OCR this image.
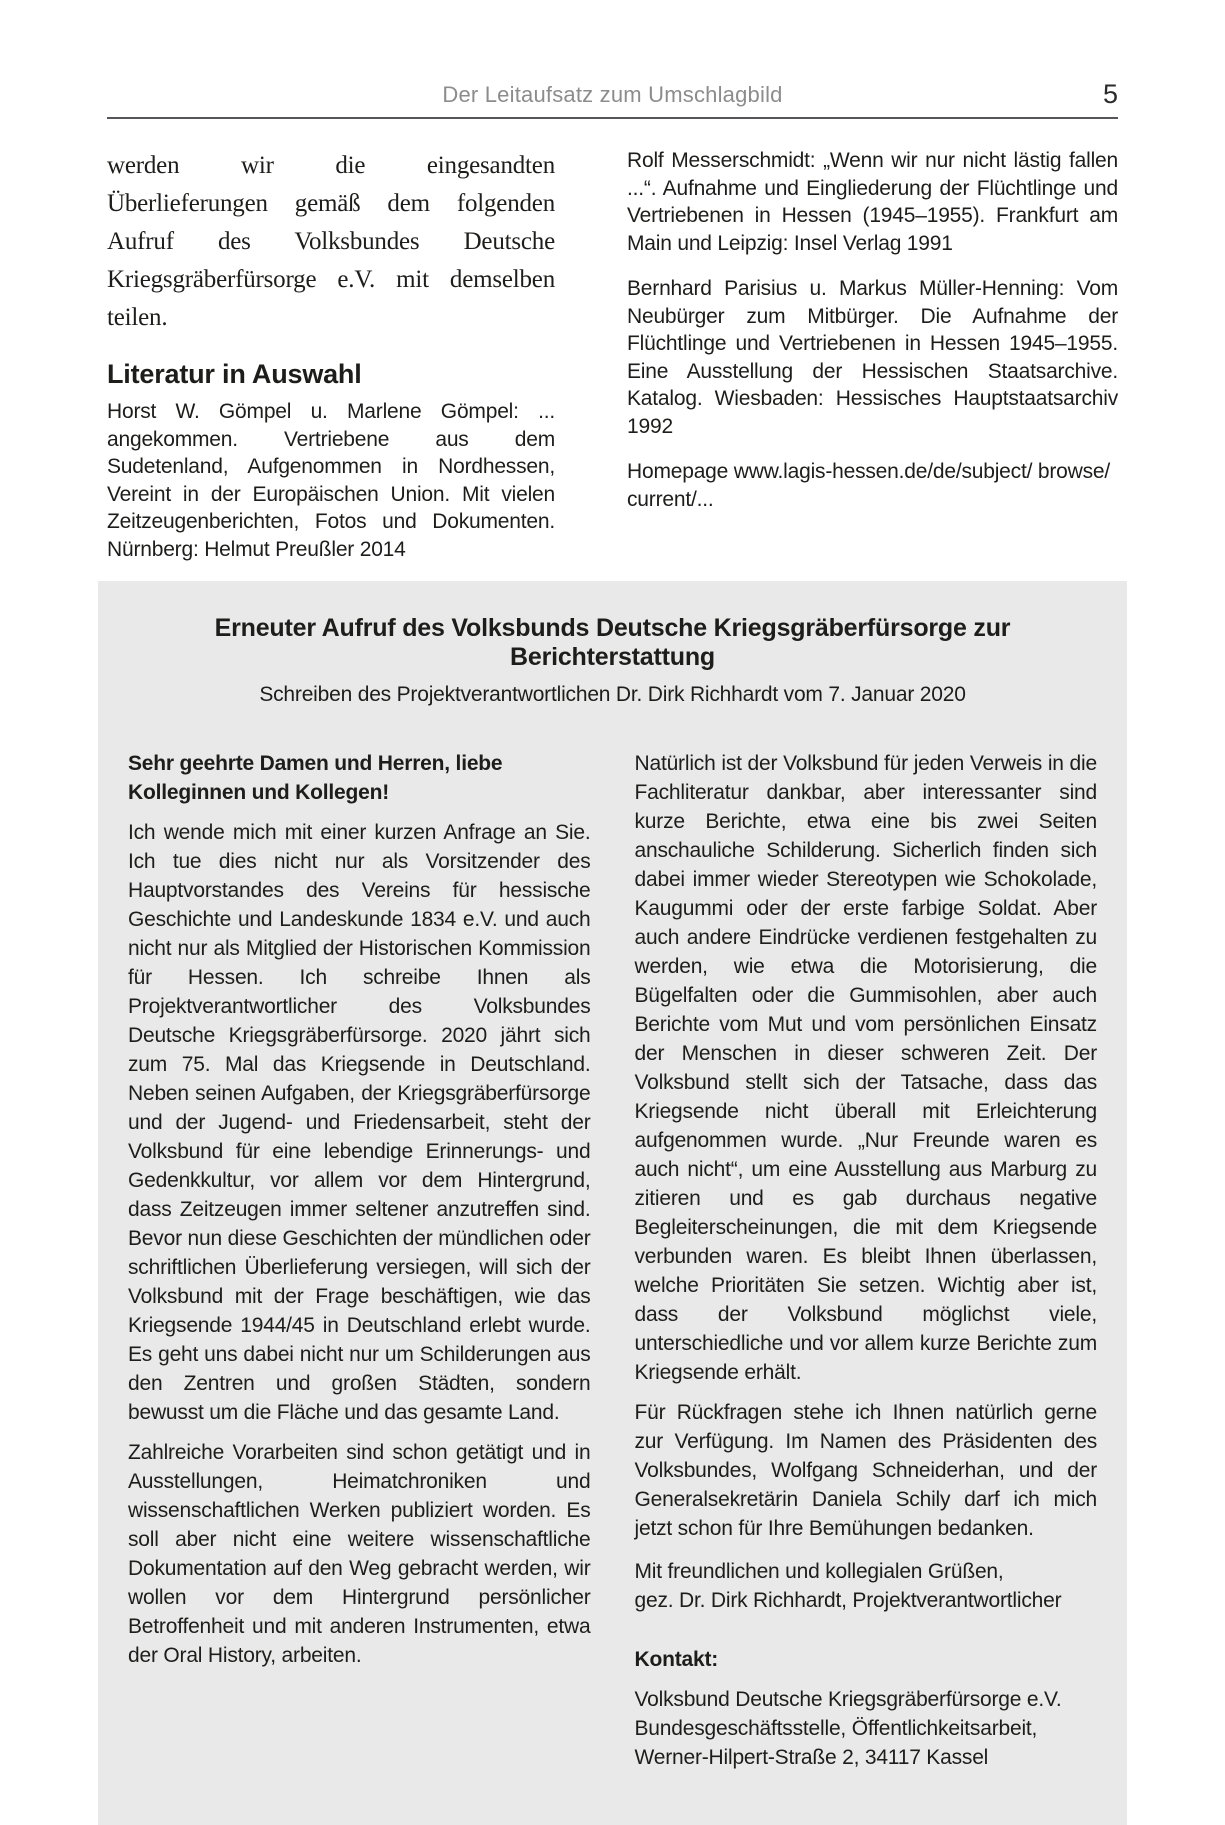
Der Leitaufsatz zum Umschlagbild	5

werden wir die eingesandten Überlieferungen gemäß dem folgenden Aufruf des Volksbundes Deutsche Kriegsgräberfürsorge e.V. mit demselben teilen.

Literatur in Auswahl

Horst W. Gömpel u. Marlene Gömpel: ... angekommen. Vertriebene aus dem Sudetenland, Aufgenommen in Nordhessen, Vereint in der Europäischen Union. Mit vielen Zeitzeugenberichten, Fotos und Dokumenten. Nürnberg: Helmut Preußler 2014

Rolf Messerschmidt: „Wenn wir nur nicht lästig fallen ...“. Aufnahme und Eingliederung der Flüchtlinge und Vertriebenen in Hessen (1945–1955). Frankfurt am Main und Leipzig: Insel Verlag 1991

Bernhard Parisius u. Markus Müller-Henning: Vom Neubürger zum Mitbürger. Die Aufnahme der Flüchtlinge und Vertriebenen in Hessen 1945–1955. Eine Ausstellung der Hessischen Staatsarchive. Katalog. Wiesbaden: Hessisches Hauptstaatsarchiv 1992

Homepage www.lagis-hessen.de/de/subject/ browse/ current/...

Erneuter Aufruf des Volksbunds Deutsche Kriegsgräberfürsorge zur Berichterstattung
Schreiben des Projektverantwortlichen Dr. Dirk Richhardt vom 7. Januar 2020

Sehr geehrte Damen und Herren, liebe Kolleginnen und Kollegen!

Ich wende mich mit einer kurzen Anfrage an Sie. Ich tue dies nicht nur als Vorsitzender des Hauptvorstandes des Vereins für hessische Geschichte und Landeskunde 1834 e.V. und auch nicht nur als Mitglied der Historischen Kommission für Hessen. Ich schreibe Ihnen als Projektverantwortlicher des Volksbundes Deutsche Kriegsgräberfürsorge. 2020 jährt sich zum 75. Mal das Kriegsende in Deutschland. Neben seinen Aufgaben, der Kriegsgräberfürsorge und der Jugend- und Friedensarbeit, steht der Volksbund für eine lebendige Erinnerungs- und Gedenkkultur, vor allem vor dem Hintergrund, dass Zeitzeugen immer seltener anzutreffen sind. Bevor nun diese Geschichten der mündlichen oder schriftlichen Überlieferung versiegen, will sich der Volksbund mit der Frage beschäftigen, wie das Kriegsende 1944/45 in Deutschland erlebt wurde. Es geht uns dabei nicht nur um Schilderungen aus den Zentren und großen Städten, sondern bewusst um die Fläche und das gesamte Land.

Zahlreiche Vorarbeiten sind schon getätigt und in Ausstellungen, Heimatchroniken und wissenschaftlichen Werken publiziert worden. Es soll aber nicht eine weitere wissenschaftliche Dokumentation auf den Weg gebracht werden, wir wollen vor dem Hintergrund persönlicher Betroffenheit und mit anderen Instrumenten, etwa der Oral History, arbeiten.

Natürlich ist der Volksbund für jeden Verweis in die Fachliteratur dankbar, aber interessanter sind kurze Berichte, etwa eine bis zwei Seiten anschauliche Schilderung. Sicherlich finden sich dabei immer wieder Stereotypen wie Schokolade, Kaugummi oder der erste farbige Soldat. Aber auch andere Eindrücke verdienen festgehalten zu werden, wie etwa die Motorisierung, die Bügelfalten oder die Gummisohlen, aber auch Berichte vom Mut und vom persönlichen Einsatz der Menschen in dieser schweren Zeit. Der Volksbund stellt sich der Tatsache, dass das Kriegsende nicht überall mit Erleichterung aufgenommen wurde. „Nur Freunde waren es auch nicht“, um eine Ausstellung aus Marburg zu zitieren und es gab durchaus negative Begleiterscheinungen, die mit dem Kriegsende verbunden waren. Es bleibt Ihnen überlassen, welche Prioritäten Sie setzen. Wichtig aber ist, dass der Volksbund möglichst viele, unterschiedliche und vor allem kurze Berichte zum Kriegsende erhält.

Für Rückfragen stehe ich Ihnen natürlich gerne zur Verfügung. Im Namen des Präsidenten des Volksbundes, Wolfgang Schneiderhan, und der Generalsekretärin Daniela Schily darf ich mich jetzt schon für Ihre Bemühungen bedanken.

Mit freundlichen und kollegialen Grüßen,
gez. Dr. Dirk Richhardt, Projektverantwortlicher

Kontakt:

Volksbund Deutsche Kriegsgräberfürsorge e.V.
Bundesgeschäftsstelle, Öffentlichkeitsarbeit,
Werner-Hilpert-Straße 2, 34117 Kassel
